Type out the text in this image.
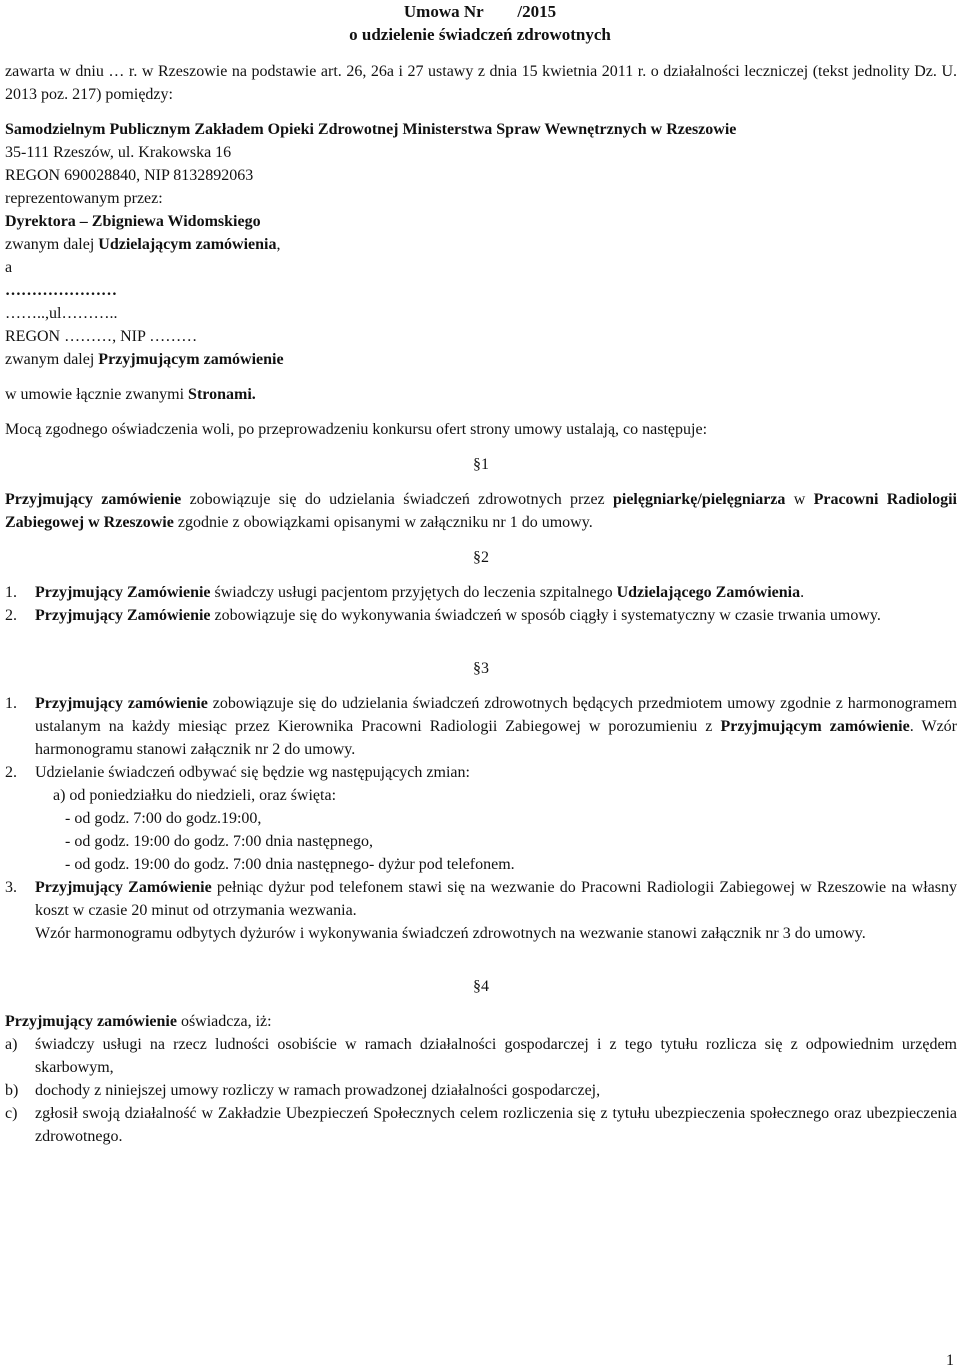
Umowa Nr        /2015
o udzielenie świadczeń zdrowotnych

zawarta w dniu … r. w Rzeszowie na podstawie art. 26, 26a i 27 ustawy z dnia 15 kwietnia 2011 r. o działalności leczniczej (tekst jednolity Dz. U. 2013 poz. 217) pomiędzy:

Samodzielnym Publicznym Zakładem Opieki Zdrowotnej Ministerstwa Spraw Wewnętrznych w Rzeszowie

35-111 Rzeszów, ul. Krakowska 16

REGON 690028840, NIP 8132892063

reprezentowanym przez:

Dyrektora – Zbigniewa Widomskiego

zwanym dalej Udzielającym zamówienia,

a

…………………

……..,ul………..

REGON ………, NIP ………

zwanym dalej Przyjmującym zamówienie

w umowie łącznie zwanymi Stronami.

Mocą zgodnego oświadczenia woli, po przeprowadzeniu konkursu ofert strony umowy ustalają, co następuje:

§1

Przyjmujący zamówienie zobowiązuje się do udzielania świadczeń zdrowotnych przez pielęgniarkę/pielęgniarza w Pracowni Radiologii Zabiegowej w Rzeszowie zgodnie z obowiązkami opisanymi w załączniku nr 1 do umowy.

§2

1. Przyjmujący Zamówienie świadczy usługi pacjentom przyjętych do leczenia szpitalnego Udzielającego Zamówienia.
2. Przyjmujący Zamówienie zobowiązuje się do wykonywania świadczeń w sposób ciągły i systematyczny w czasie trwania umowy.

§3

1. Przyjmujący zamówienie zobowiązuje się do udzielania świadczeń zdrowotnych będących przedmiotem umowy zgodnie z harmonogramem ustalanym na każdy miesiąc przez Kierownika Pracowni Radiologii Zabiegowej w porozumieniu z Przyjmującym zamówienie. Wzór harmonogramu stanowi załącznik nr 2 do umowy.
2. Udzielanie świadczeń odbywać się będzie wg następujących zmian:

a) od poniedziałku do niedzieli, oraz święta:

- od godz. 7:00 do godz.19:00,

- od godz. 19:00 do godz. 7:00 dnia następnego,

- od godz. 19:00 do godz. 7:00 dnia następnego- dyżur pod telefonem.

3. Przyjmujący Zamówienie pełniąc dyżur pod telefonem stawi się na wezwanie do Pracowni Radiologii Zabiegowej w Rzeszowie na własny koszt w czasie 20 minut od otrzymania wezwania.

Wzór harmonogramu odbytych dyżurów i wykonywania świadczeń zdrowotnych na wezwanie stanowi załącznik nr 3 do umowy.

§4

Przyjmujący zamówienie oświadcza, iż:

a) świadczy usługi na rzecz ludności osobiście w ramach działalności gospodarczej i z tego tytułu rozlicza się z odpowiednim urzędem skarbowym,
b) dochody z niniejszej umowy rozliczy w ramach prowadzonej działalności gospodarczej,
c) zgłosił swoją działalność w Zakładzie Ubezpieczeń Społecznych celem rozliczenia się z tytułu ubezpieczenia społecznego oraz ubezpieczenia zdrowotnego.
1
